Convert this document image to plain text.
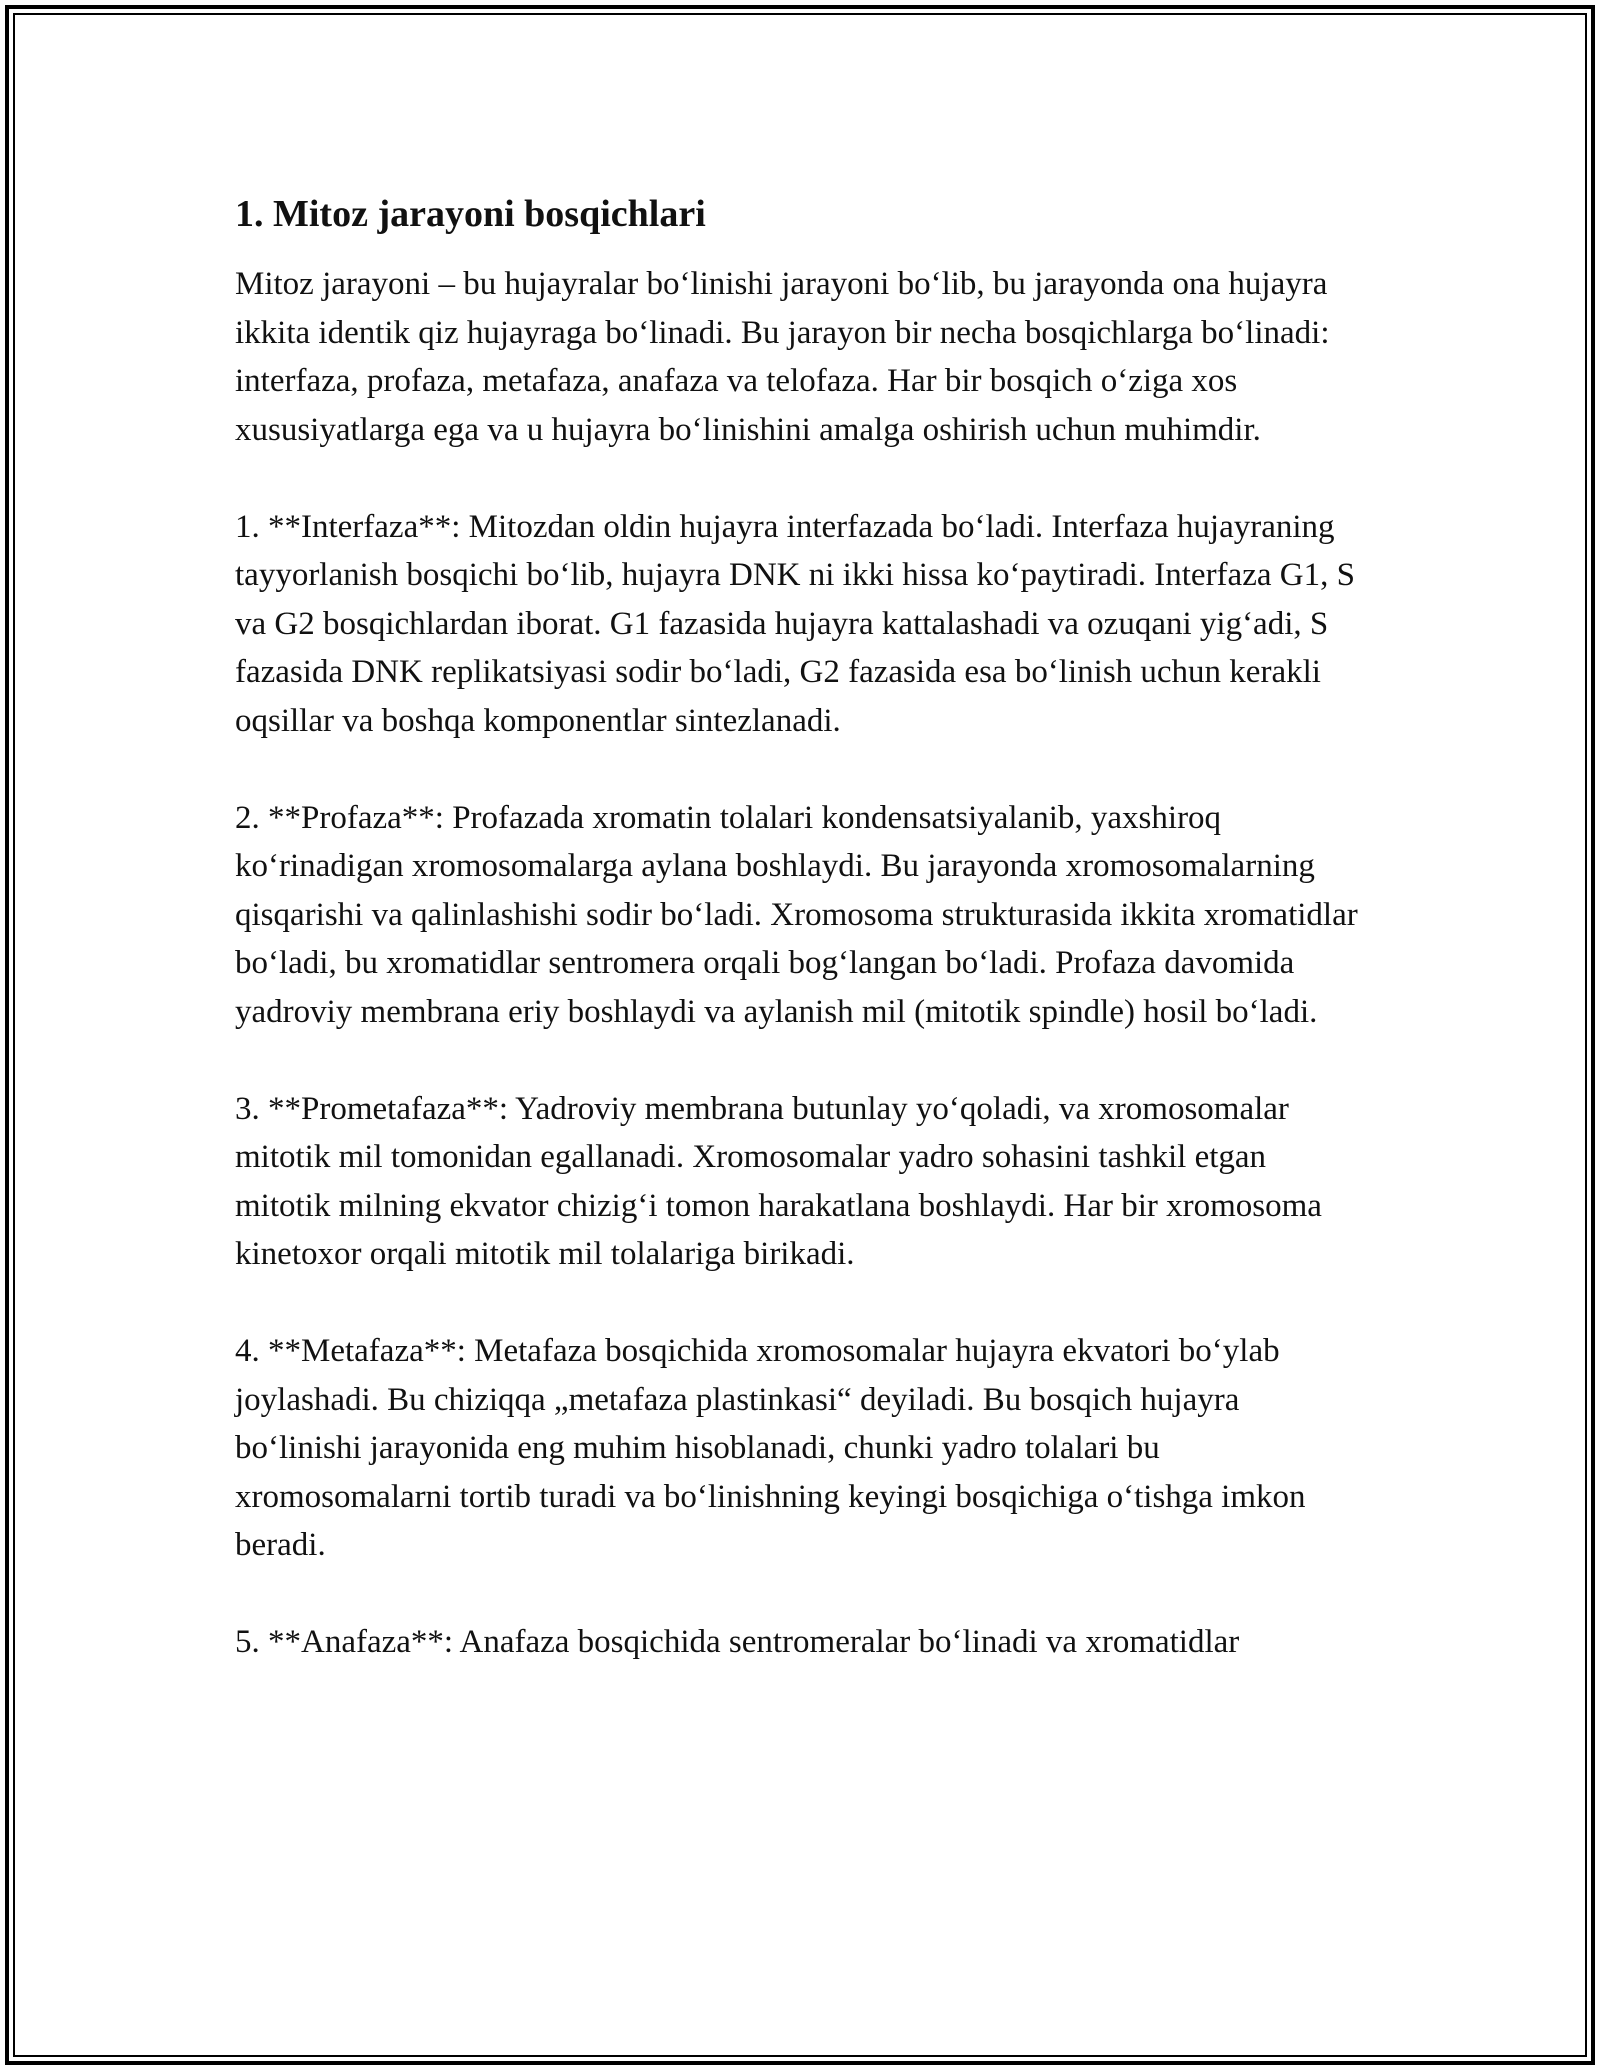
1. Mitoz jarayoni bosqichlari

Mitoz jarayoni – bu hujayralar bo‘linishi jarayoni bo‘lib, bu jarayonda ona hujayra ikkita identik qiz hujayraga bo‘linadi. Bu jarayon bir necha bosqichlarga bo‘linadi: interfaza, profaza, metafaza, anafaza va telofaza. Har bir bosqich o‘ziga xos xususiyatlarga ega va u hujayra bo‘linishini amalga oshirish uchun muhimdir.

1. **Interfaza**: Mitozdan oldin hujayra interfazada bo‘ladi. Interfaza hujayraning tayyorlanish bosqichi bo‘lib, hujayra DNK ni ikki hissa ko‘paytiradi. Interfaza G1, S va G2 bosqichlardan iborat. G1 fazasida hujayra kattalashadi va ozuqani yig‘adi, S fazasida DNK replikatsiyasi sodir bo‘ladi, G2 fazasida esa bo‘linish uchun kerakli oqsillar va boshqa komponentlar sintezlanadi.

2. **Profaza**: Profazada xromatin tolalari kondensatsiyalanib, yaxshiroq ko‘rinadigan xromosomalarga aylana boshlaydi. Bu jarayonda xromosomalarning qisqarishi va qalinlashishi sodir bo‘ladi. Xromosoma strukturasida ikkita xromatidlar bo‘ladi, bu xromatidlar sentromera orqali bog‘langan bo‘ladi. Profaza davomida yadroviy membrana eriy boshlaydi va aylanish mil (mitotik spindle) hosil bo‘ladi.

3. **Prometafaza**: Yadroviy membrana butunlay yo‘qoladi, va xromosomalar mitotik mil tomonidan egallanadi. Xromosomalar yadro sohasini tashkil etgan mitotik milning ekvator chizig‘i tomon harakatlana boshlaydi. Har bir xromosoma kinetoxor orqali mitotik mil tolalariga birikadi.

4. **Metafaza**: Metafaza bosqichida xromosomalar hujayra ekvatori bo‘ylab joylashadi. Bu chiziqqa „metafaza plastinkasi“ deyiladi. Bu bosqich hujayra bo‘linishi jarayonida eng muhim hisoblanadi, chunki yadro tolalari bu xromosomalarni tortib turadi va bo‘linishning keyingi bosqichiga o‘tishga imkon beradi.

5. **Anafaza**: Anafaza bosqichida sentromeralar bo‘linadi va xromatidlar
